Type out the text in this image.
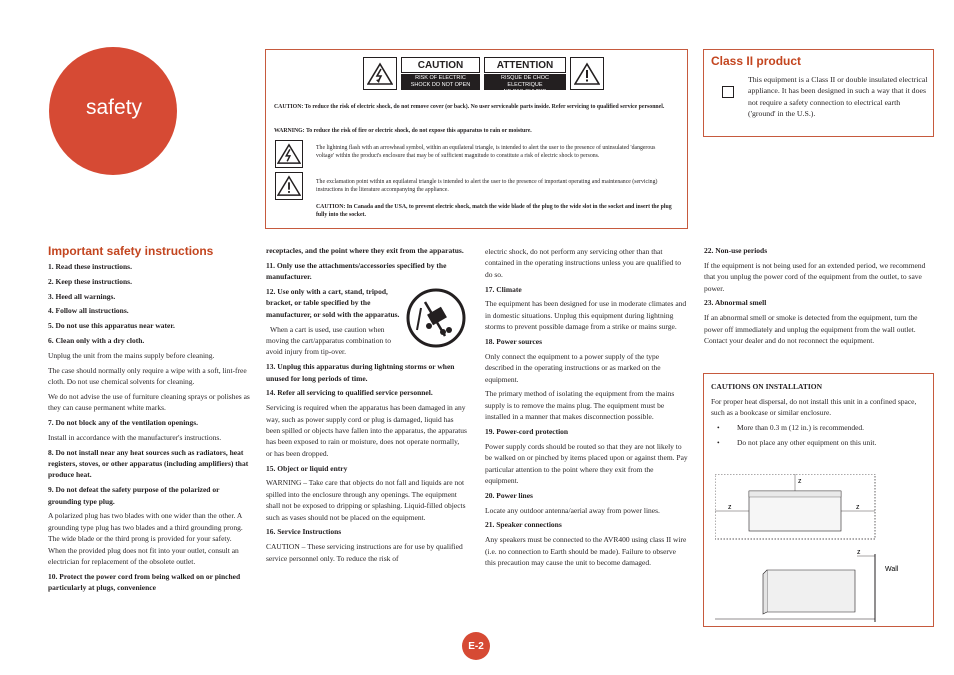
safety
CAUTION
RISK OF ELECTRIC
SHOCK DO NOT OPEN
ATTENTION
RISQUE DE CHOC ELECTRIQUE
NE PAS OUVRIR
CAUTION: To reduce the risk of electric shock, do not remove cover (or back). No user serviceable parts inside. Refer servicing to qualified service personnel.
WARNING: To reduce the risk of fire or electric shock, do not expose this apparatus to rain or moisture.
The lightning flash with an arrowhead symbol, within an equilateral triangle, is intended to alert the user to the presence of uninsulated 'dangerous voltage' within the product's enclosure that may be of sufficient magnitude to constitute a risk of electric shock to persons.
The exclamation point within an equilateral triangle is intended to alert the user to the presence of important operating and maintenance (servicing) instructions in the literature accompanying the appliance.
CAUTION: In Canada and the USA, to prevent electric shock, match the wide blade of the plug to the wide slot in the socket and insert the plug fully into the socket.
Class II product
This equipment is a Class II or double insulated electrical appliance. It has been designed in such a way that it does not require a safety connection to electrical earth ('ground' in the U.S.).
Important safety instructions

1. Read these instructions.

2. Keep these instructions.

3. Heed all warnings.

4. Follow all instructions.

5. Do not use this apparatus near water.

6. Clean only with a dry cloth.

Unplug the unit from the mains supply before cleaning.

The case should normally only require a wipe with a soft, lint-free cloth. Do not use chemical solvents for cleaning.

We do not advise the use of furniture cleaning sprays or polishes as they can cause permanent white marks.

7. Do not block any of the ventilation openings.

Install in accordance with the manufacturer's instructions.

8. Do not install near any heat sources such as radiators, heat registers, stoves, or other apparatus (including amplifiers) that produce heat.

9. Do not defeat the safety purpose of the polarized or grounding type plug.

A polarized plug has two blades with one wider than the other. A grounding type plug has two blades and a third grounding prong. The wide blade or the third prong is provided for your safety. When the provided plug does not fit into your outlet, consult an electrician for replacement of the obsolete outlet.

10. Protect the power cord from being walked on or pinched particularly at plugs, convenience

receptacles, and the point where they exit from the apparatus.

11. Only use the attachments/accessories specified by the manufacturer.

12. Use only with a cart, stand, tripod, bracket, or table specified by the manufacturer, or sold with the apparatus.

When a cart is used, use caution when moving the cart/apparatus combination to avoid injury from tip-over.

13. Unplug this apparatus during lightning storms or when unused for long periods of time.

14. Refer all servicing to qualified service personnel.

Servicing is required when the apparatus has been damaged in any way, such as power supply cord or plug is damaged, liquid has been spilled or objects have fallen into the apparatus, the apparatus has been exposed to rain or moisture, does not operate normally, or has been dropped.

15. Object or liquid entry

WARNING – Take care that objects do not fall and liquids are not spilled into the enclosure through any openings. The equipment shall not be exposed to dripping or splashing. Liquid-filled objects such as vases should not be placed on the equipment.

16. Service Instructions

CAUTION – These servicing instructions are for use by qualified service personnel only. To reduce the risk of

electric shock, do not perform any servicing other than that contained in the operating instructions unless you are qualified to do so.

17. Climate

The equipment has been designed for use in moderate climates and in domestic situations. Unplug this equipment during lightning storms to prevent possible damage from a strike or mains surge.

18. Power sources

Only connect the equipment to a power supply of the type described in the operating instructions or as marked on the equipment.

The primary method of isolating the equipment from the mains supply is to remove the mains plug. The equipment must be installed in a manner that makes disconnection possible.

19. Power-cord protection

Power supply cords should be routed so that they are not likely to be walked on or pinched by items placed upon or against them. Pay particular attention to the point where they exit from the equipment.

20. Power lines

Locate any outdoor antenna/aerial away from power lines.

21. Speaker connections

Any speakers must be connected to the AVR400 using class II wire (i.e. no connection to Earth should be made). Failure to observe this precaution may cause the unit to become damaged.

22. Non-use periods

If the equipment is not being used for an extended period, we recommend that you unplug the power cord of the equipment from the outlet, to save power.

23. Abnormal smell

If an abnormal smell or smoke is detected from the equipment, turn the power off immediately and unplug the equipment from the wall outlet. Contact your dealer and do not reconnect the equipment.

CAUTIONS ON INSTALLATION

For proper heat dispersal, do not install this unit in a confined space, such as a bookcase or similar enclosure.

• More than 0.3 m (12 in.) is recommended.
• Do not place any other equipment on this unit.
z
z	z
z
Wall
E-2
